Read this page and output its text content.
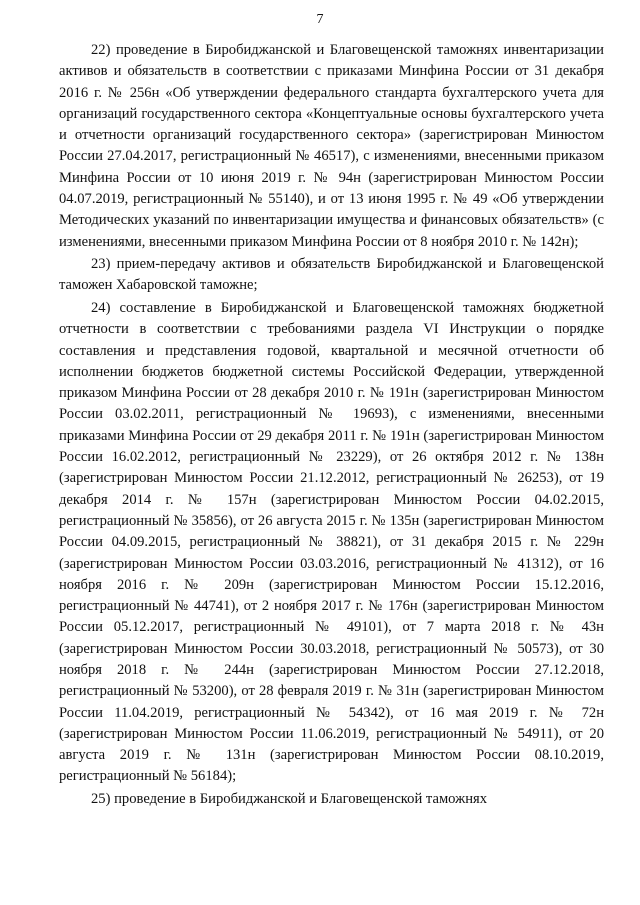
7

22) проведение в Биробиджанской и Благовещенской таможнях инвентаризации активов и обязательств в соответствии с приказами Минфина России от 31 декабря 2016 г. № 256н «Об утверждении федерального стандарта бухгалтерского учета для организаций государственного сектора «Концептуальные основы бухгалтерского учета и отчетности организаций государственного сектора» (зарегистрирован Минюстом России 27.04.2017, регистрационный № 46517), с изменениями, внесенными приказом Минфина России от 10 июня 2019 г. № 94н (зарегистрирован Минюстом России 04.07.2019, регистрационный № 55140), и от 13 июня 1995 г. № 49 «Об утверждении Методических указаний по инвентаризации имущества и финансовых обязательств» (с изменениями, внесенными приказом Минфина России от 8 ноября 2010 г. № 142н);

23) прием-передачу активов и обязательств Биробиджанской и Благовещенской таможен Хабаровской таможне;

24) составление в Биробиджанской и Благовещенской таможнях бюджетной отчетности в соответствии с требованиями раздела VI Инструкции о порядке составления и представления годовой, квартальной и месячной отчетности об исполнении бюджетов бюджетной системы Российской Федерации, утвержденной приказом Минфина России от 28 декабря 2010 г. № 191н (зарегистрирован Минюстом России 03.02.2011, регистрационный № 19693), с изменениями, внесенными приказами Минфина России от 29 декабря 2011 г. № 191н (зарегистрирован Минюстом России 16.02.2012, регистрационный № 23229), от 26 октября 2012 г. № 138н (зарегистрирован Минюстом России 21.12.2012, регистрационный № 26253), от 19 декабря 2014 г. № 157н (зарегистрирован Минюстом России 04.02.2015, регистрационный № 35856), от 26 августа 2015 г. № 135н (зарегистрирован Минюстом России 04.09.2015, регистрационный № 38821), от 31 декабря 2015 г. № 229н (зарегистрирован Минюстом России 03.03.2016, регистрационный № 41312), от 16 ноября 2016 г. № 209н (зарегистрирован Минюстом России 15.12.2016, регистрационный № 44741), от 2 ноября 2017 г. № 176н (зарегистрирован Минюстом России 05.12.2017, регистрационный № 49101), от 7 марта 2018 г. № 43н (зарегистрирован Минюстом России 30.03.2018, регистрационный № 50573), от 30 ноября 2018 г. № 244н (зарегистрирован Минюстом России 27.12.2018, регистрационный № 53200), от 28 февраля 2019 г. № 31н (зарегистрирован Минюстом России 11.04.2019, регистрационный № 54342), от 16 мая 2019 г. № 72н (зарегистрирован Минюстом России 11.06.2019, регистрационный № 54911), от 20 августа 2019 г. № 131н (зарегистрирован Минюстом России 08.10.2019, регистрационный № 56184);

25) проведение в Биробиджанской и Благовещенской таможнях
